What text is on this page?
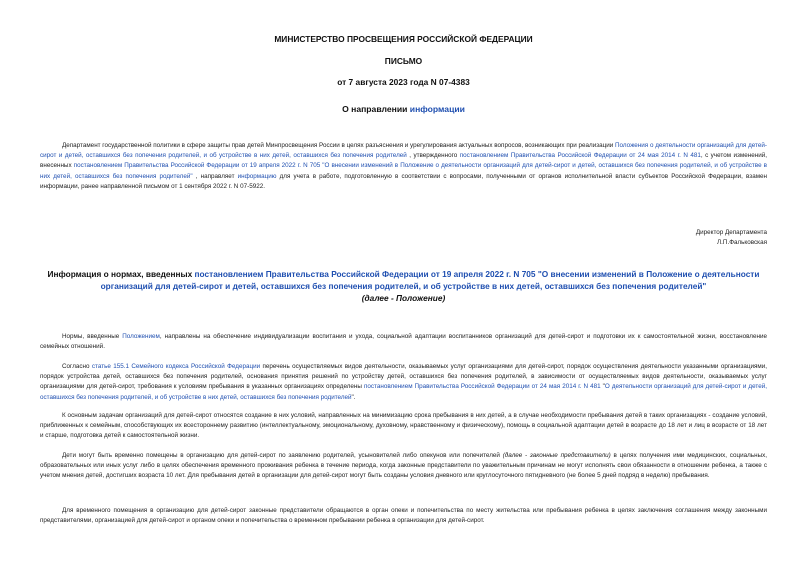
МИНИСТЕРСТВО ПРОСВЕЩЕНИЯ РОССИЙСКОЙ ФЕДЕРАЦИИ
ПИСЬМО
от 7 августа 2023 года N 07-4383
О направлении информации
Департамент государственной политики в сфере защиты прав детей Минпросвещения России в целях разъяснения и урегулирования актуальных вопросов, возникающих при реализации Положения о деятельности организаций для детей-сирот и детей, оставшихся без попечения родителей, и об устройстве в них детей, оставшихся без попечения родителей , утвержденного постановлением Правительства Российской Федерации от 24 мая 2014 г. N 481, с учетом изменений, внесенных постановлением Правительства Российской Федерации от 19 апреля 2022 г. N 705 "О внесении изменений в Положение о деятельности организаций для детей-сирот и детей, оставшихся без попечения родителей, и об устройстве в них детей, оставшихся без попечения родителей" , направляет информацию для учета в работе, подготовленную в соответствии с вопросами, полученными от органов исполнительной власти субъектов Российской Федерации, взамен информации, ранее направленной письмом от 1 сентября 2022 г. N 07-5922.
Директор Департамента
Л.П.Фальковская
Информация о нормах, введенных постановлением Правительства Российской Федерации от 19 апреля 2022 г. N 705 "О внесении изменений в Положение о деятельности организаций для детей-сирот и детей, оставшихся без попечения родителей, и об устройстве в них детей, оставшихся без попечения родителей"
(далее - Положение)
Нормы, введенные Положением, направлены на обеспечение индивидуализации воспитания и ухода, социальной адаптации воспитанников организаций для детей-сирот и подготовки их к самостоятельной жизни, восстановление семейных отношений.
Согласно статье 155.1 Семейного кодекса Российской Федерации перечень осуществляемых видов деятельности, оказываемых услуг организациями для детей-сирот, порядок осуществления деятельности указанными организациями, порядок устройства детей, оставшихся без попечения родителей, основания принятия решений по устройству детей, оставшихся без попечения родителей, в зависимости от осуществляемых видов деятельности, оказываемых услуг организациями для детей-сирот, требования к условиям пребывания в указанных организациях определены постановлением Правительства Российской Федерации от 24 мая 2014 г. N 481 "О деятельности организаций для детей-сирот и детей, оставшихся без попечения родителей, и об устройстве в них детей, оставшихся без попечения родителей".
К основным задачам организаций для детей-сирот относятся создание в них условий, направленных на минимизацию срока пребывания в них детей, а в случае необходимости пребывания детей в таких организациях - создание условий, приближенных к семейным, способствующих их всестороннему развитию (интеллектуальному, эмоциональному, духовному, нравственному и физическому), помощь в социальной адаптации детей в возрасте до 18 лет и лиц в возрасте от 18 лет и старше, подготовка детей к самостоятельной жизни.
Дети могут быть временно помещены в организацию для детей-сирот по заявлению родителей, усыновителей либо опекунов или попечителей (далее - законные представители) в целях получения ими медицинских, социальных, образовательных или иных услуг либо в целях обеспечения временного проживания ребенка в течение периода, когда законные представители по уважительным причинам не могут исполнять свои обязанности в отношении ребенка, а также с учетом мнения детей, достигших возраста 10 лет. Для пребывания детей в организации для детей-сирот могут быть созданы условия дневного или круглосуточного пятидневного (не более 5 дней подряд в неделю) пребывания.
Для временного помещения в организацию для детей-сирот законные представители обращаются в орган опеки и попечительства по месту жительства или пребывания ребенка в целях заключения соглашения между законными представителями, организацией для детей-сирот и органом опеки и попечительства о временном пребывании ребенка в организации для детей-сирот.
